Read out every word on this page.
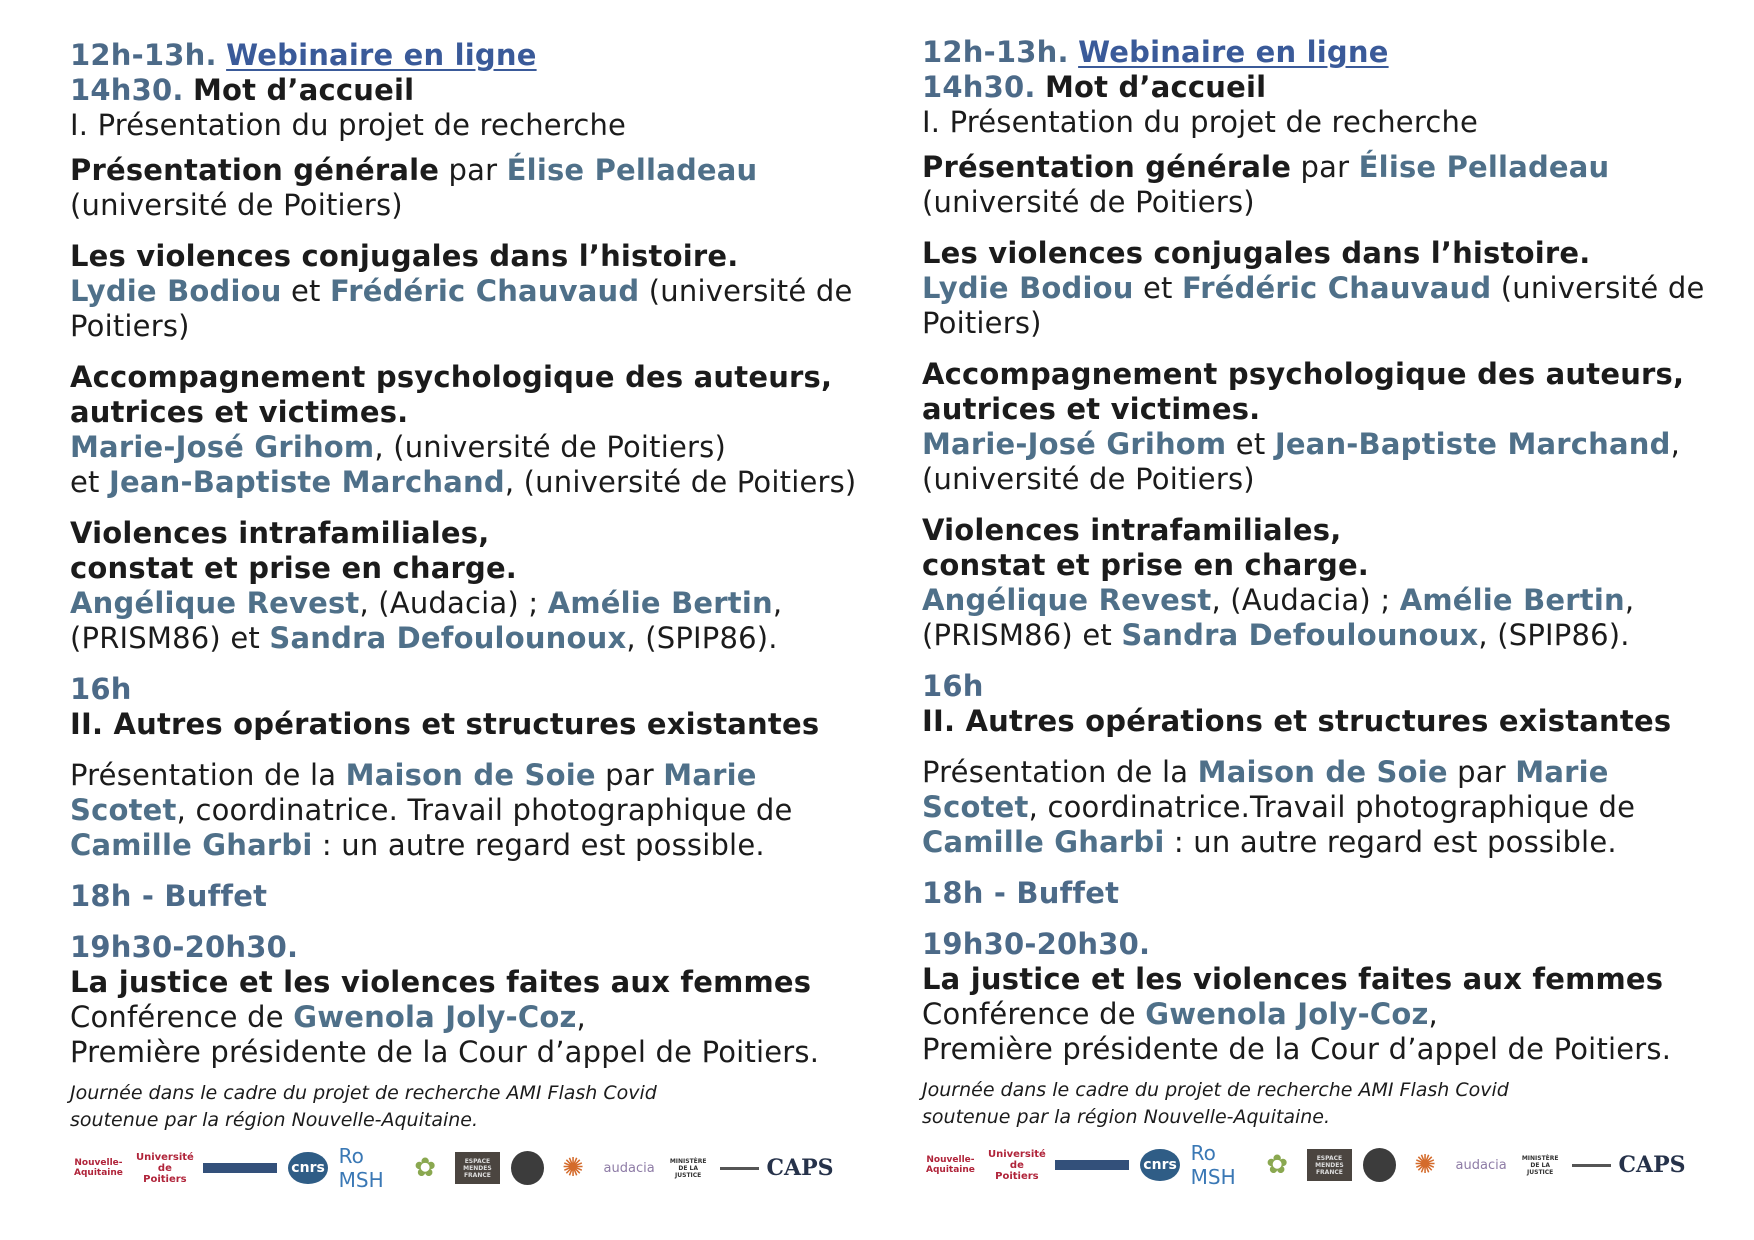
12h-13h. Webinaire en ligne
14h30. Mot d’accueil
I. Présentation du projet de recherche
Présentation générale par Élise Pelladeau
(université de Poitiers)
Les violences conjugales dans l’histoire.
Lydie Bodiou et Frédéric Chauvaud (université de
Poitiers)
Accompagnement psychologique des auteurs,
autrices et victimes.
Marie-José Grihom, (université de Poitiers)
et Jean-Baptiste Marchand, (université de Poitiers)
Violences intrafamiliales,
constat et prise en charge.
Angélique Revest, (Audacia) ; Amélie Bertin,
(PRISM86) et Sandra Defoulounoux, (SPIP86).
16h
II. Autres opérations et structures existantes
Présentation de la Maison de Soie par Marie
Scotet, coordinatrice. Travail photographique de
Camille Gharbi : un autre regard est possible.
18h - Buffet
19h30-20h30.
La justice et les violences faites aux femmes
Conférence de Gwenola Joly-Coz,
Première présidente de la Cour d’appel de Poitiers.
Journée dans le cadre du projet de recherche AMI Flash Covid
soutenue par la région Nouvelle-Aquitaine.
Nouvelle-Aquitaine
Université de Poitiers
cnrs Ro MSH	✿	ESPACE MENDES FRANCE	✺	audacia	MINISTÈRE DE LA JUSTICE	CAPS
12h-13h. Webinaire en ligne
14h30. Mot d’accueil
I. Présentation du projet de recherche
Présentation générale par Élise Pelladeau
(université de Poitiers)
Les violences conjugales dans l’histoire.
Lydie Bodiou et Frédéric Chauvaud (université de
Poitiers)
Accompagnement psychologique des auteurs,
autrices et victimes.
Marie-José Grihom et Jean-Baptiste Marchand,
(université de Poitiers)
Violences intrafamiliales,
constat et prise en charge.
Angélique Revest, (Audacia) ; Amélie Bertin,
(PRISM86) et Sandra Defoulounoux, (SPIP86).
16h
II. Autres opérations et structures existantes
Présentation de la Maison de Soie par Marie
Scotet, coordinatrice.Travail photographique de
Camille Gharbi : un autre regard est possible.
18h - Buffet
19h30-20h30.
La justice et les violences faites aux femmes
Conférence de Gwenola Joly-Coz,
Première présidente de la Cour d’appel de Poitiers.
Journée dans le cadre du projet de recherche AMI Flash Covid
soutenue par la région Nouvelle-Aquitaine.
Nouvelle-Aquitaine
Université de Poitiers
cnrs Ro MSH	✿	ESPACE MENDES FRANCE	✺	audacia	MINISTÈRE DE LA JUSTICE	CAPS
